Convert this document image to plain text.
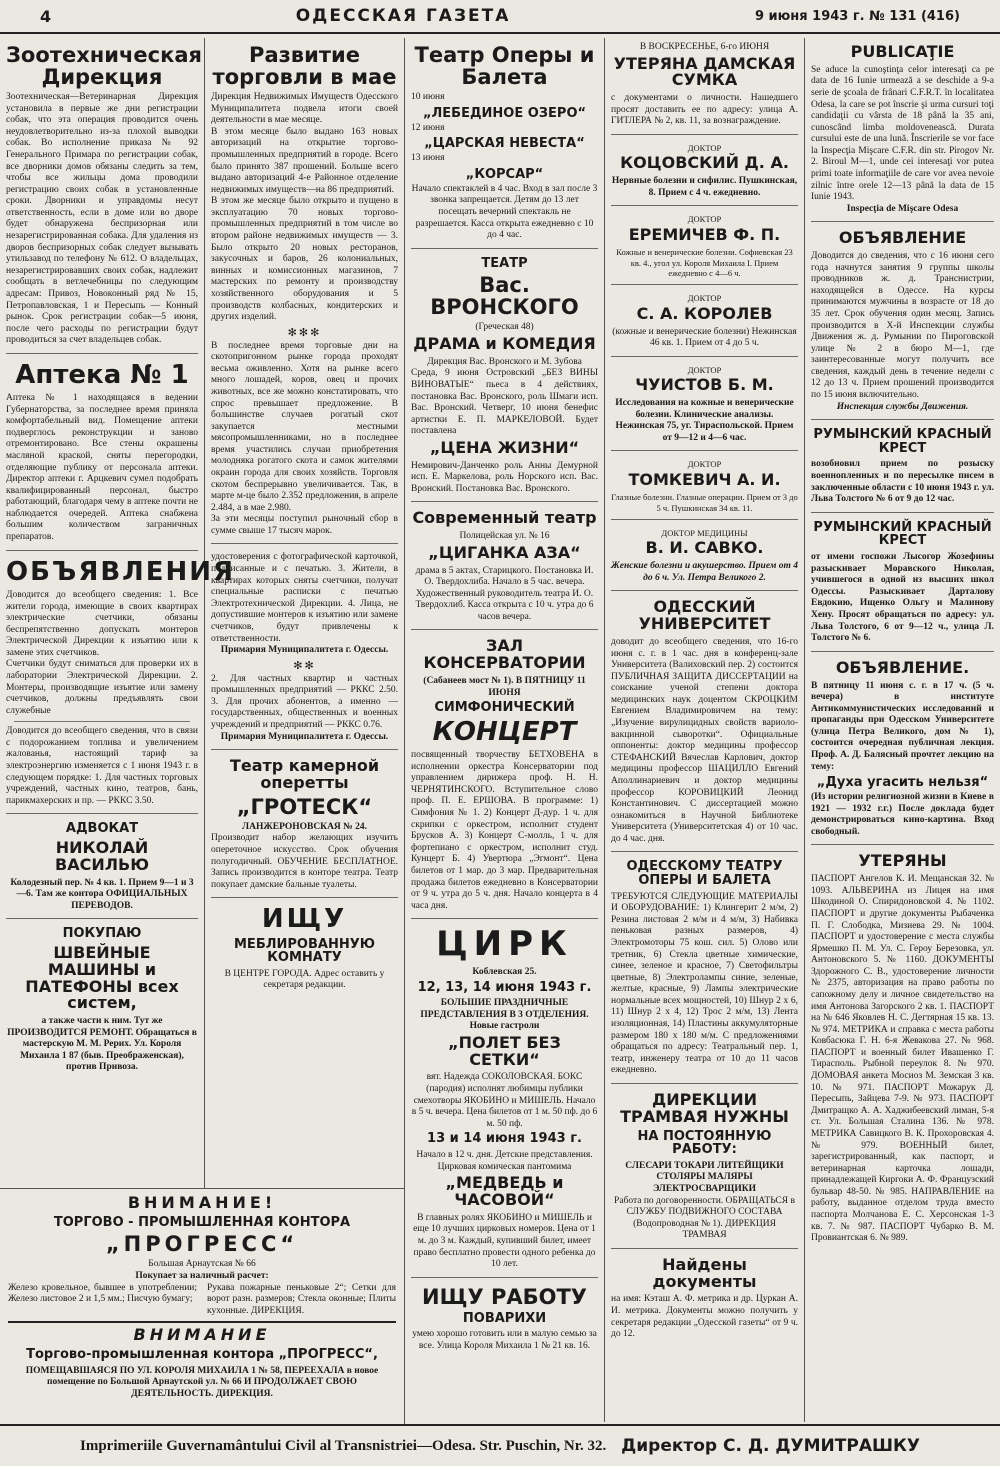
4	ОДЕССКАЯ ГАЗЕТА	9 июня 1943 г. № 131 (416)
Зоотехническая Дирекция

Зоотехническая—Ветеринарная Дирекция установила в первые же дни регистрации собак, что эта операция проводится очень неудовлетворительно из-за плохой выводки собак. Во исполнение приказа № 92 Генерального Примара по регистрации собак, все дворники домов обязаны следить за тем, чтобы все жильцы дома проводили регистрацию своих собак в установленные сроки. Дворники и управдомы несут ответственность, если в доме или во дворе будет обнаружена беспризорная или незарегистрированная собака. Для удаления из дворов беспризорных собак следует вызывать утильзавод по телефону № 612. О владельцах, незарегистрировавших своих собак, надлежит сообщать в ветлечебницы по следующим адресам: Привоз, Новоконный ряд № 15, Петропавловская, 1 и Пересыпь — Конный рынок. Срок регистрации собак—5 июня, после чего расходы по регистрации будут проводиться за счет владельцев собак.

Аптека № 1

Аптека № 1 находящаяся в ведении Губернаторства, за последнее время приняла комфортабельный вид. Помещение аптеки подверглось реконструкции и заново отремонтировано. Все стены окрашены масляной краской, сняты перегородки, отделяющие публику от персонала аптеки. Директор аптеки г. Арцкевич сумел подобрать квалифицированный персонал, быстро работающий, благодаря чему в аптеке почти не наблюдается очередей. Аптека снабжена большим количеством заграничных препаратов.

ОБЪЯВЛЕНИЯ

Доводится до всеобщего сведения: 1. Все жители города, имеющие в своих квартирах электрические счетчики, обязаны беспрепятственно допускать монтеров Электрической Дирекции к изъятию или к замене этих счетчиков.

Счетчики будут сниматься для проверки их в лаборатории Электрической Дирекции. 2. Монтеры, производящие изъятие или замену счетчиков, должны предъявлять свои служебные

Доводится до всеобщего сведения, что в связи с подорожанием топлива и увеличением жалованья, настоящий тариф за электроэнергию изменяется с 1 июня 1943 г. в следующем порядке: 1. Для частных торговых учреждений, частных кино, театров, бань, парикмахерских и пр. — РККС 3.50.

АДВОКАТ
НИКОЛАЙ ВАСИЛЬЮ

Колодезный пер. № 4 кв. 1. Прием 9—1 и 3—6. Там же контора ОФИЦИАЛЬНЫХ ПЕРЕВОДОВ.

ПОКУПАЮ
ШВЕЙНЫЕ МАШИНЫ и ПАТЕФОНЫ всех систем,

а также части к ним. Тут же ПРОИЗВОДИТСЯ РЕМОНТ. Обращаться в мастерскую М. М. Рерих. Ул. Короля Михаила 1 87 (быв. Преображенская), против Привоза.

Развитие торговли в мае

Дирекция Недвижимых Имуществ Одесского Муниципалитета подвела итоги своей деятельности в мае месяце.

В этом месяце было выдано 163 новых авторизаций на открытие торгово-промышленных предприятий в городе. Всего было принято 387 прошений. Больше всего выдано авторизаций 4-е Районное отделение недвижимых имуществ—на 86 предприятий.

В этом же месяце было открыто и пущено в эксплуатацию 70 новых торгово-промышленных предприятий в том числе во втором районе недвижимых имуществ — 3. Было открыто 20 новых ресторанов, закусочных и баров, 26 колониальных, винных и комиссионных магазинов, 7 мастерских по ремонту и производству хозяйственного оборудования и 5 производств колбасных, кондитерских и других изделий.

✻✻✻

В последнее время торговые дни на скотопригонном рынке города проходят весьма оживленно. Хотя на рынке всего много лошадей, коров, овец и прочих животных, все же можно констатировать, что спрос превышает предложение. В большинстве случаев рогатый скот закупается местными мясопромышленниками, но в последнее время участились случаи приобретения молодняка рогатого скота и самок жителями окраин города для своих хозяйств. Торговля скотом беспрерывно увеличивается. Так, в марте м-це было 2.352 предложения, в апреле 2.484, а в мае 2.980.

За эти месяцы поступил рыночный сбор в сумме свыше 17 тысяч марок.

удостоверения с фотографической карточкой, подписанные и с печатью. 3. Жители, в квартирах которых сняты счетчики, получат специальные расписки с печатью Электротехнической Дирекции. 4. Лица, не допустившие монтеров к изъятию или замене счетчиков, будут привлечены к ответственности.

Примария Муниципалитета г. Одессы.

✻✻

2. Для частных квартир и частных промышленных предприятий — РККС 2.50. 3. Для прочих абонентов, а именно — государственных, общественных и военных учреждений и предприятий — РККС 0.76.

Примария Муниципалитета г. Одессы.

Театр камерной оперетты
„ГРОТЕСК“

ЛАНЖЕРОНОВСКАЯ № 24.

Производит набор желающих изучить опереточное искусство. Срок обучения полугодичный. ОБУЧЕНИЕ БЕСПЛАТНОЕ. Запись производится в конторе театра. Театр покупает дамские бальные туалеты.

ИЩУ
МЕБЛИРОВАННУЮ КОМНАТУ

В ЦЕНТРЕ ГОРОДА. Адрес оставить у секретаря редакции.

Театр Оперы и Балета
10 июня
„ЛЕБЕДИНОЕ ОЗЕРО“
12 июня
„ЦАРСКАЯ НЕВЕСТА“
13 июня
„КОРСАР“

Начало спектаклей в 4 час. Вход в зал после 3 звонка запрещается. Детям до 13 лет посещать вечерний спектакль не разрешается. Касса открыта ежедневно с 10 до 4 час.

ТЕАТР
Вас. ВРОНСКОГО

(Греческая 48)

ДРАМА и КОМЕДИЯ

Дирекция Вас. Вронского и М. Зубова

Среда, 9 июня Островский „БЕЗ ВИНЫ ВИНОВАТЫЕ“ пьеса в 4 действиях, постановка Вас. Вронского, роль Шмаги исп. Вас. Вронский. Четверг, 10 июня бенефис артистки Е. П. МАРКЕЛОВОЙ. Будет поставлена

„ЦЕНА ЖИЗНИ“

Немирович-Данченко роль Анны Демурной исп. Е. Маркелова, роль Норского исп. Вас. Вронский. Постановка Вас. Вронского.

Современный театр

Полицейская ул. № 16

„ЦИГАНКА АЗА“

драма в 5 актах, Старицкого. Постановка И. О. Твердохлиба. Начало в 5 час. вечера. Художественный руководитель театра И. О. Твердохлиб. Касса открыта с 10 ч. утра до 6 часов вечера.

ЗАЛ КОНСЕРВАТОРИИ

(Сабанеев мост № 1). В ПЯТНИЦУ 11 ИЮНЯ

СИМФОНИЧЕСКИЙ
КОНЦЕРТ

посвященный творчеству БЕТХОВЕНА в исполнении оркестра Консерватории под управлением дирижера проф. Н. Н. ЧЕРНЯТИНСКОГО. Вступительное слово проф. П. Е. ЕРШОВА. В программе: 1) Симфония № 1. 2) Концерт Д-дур. 1 ч. для скрипки с оркестром, исполнит студент Брусков А. 3) Концерт С-молль, 1 ч. для фортепиано с оркестром, исполнит студ. Кунцерт Б. 4) Увертюра „Эгмонт“. Цена билетов от 1 мар. до 3 мар. Предварительная продажа билетов ежедневно в Консерватории от 9 ч. утра до 5 ч. дня. Начало концерта в 4 часа дня.

ЦИРК

Коблевская 25.

12, 13, 14 июня 1943 г.

БОЛЬШИЕ ПРАЗДНИЧНЫЕ ПРЕДСТАВЛЕНИЯ В 3 ОТДЕЛЕНИЯ. Новые гастроли

„ПОЛЕТ БЕЗ СЕТКИ“

вят. Надежда СОКОЛОВСКАЯ. БОКС (пародия) исполнят любимцы публики смехотворы ЯКОБИНО и МИШЕЛЬ. Начало в 5 ч. вечера. Цена билетов от 1 м. 50 пф. до 6 м. 50 пф.

13 и 14 июня 1943 г.

Начало в 12 ч. дня. Детские представления. Цирковая комическая пантомима

„МЕДВЕДЬ и ЧАСОВОЙ“

В главных ролях ЯКОБИНО и МИШЕЛЬ и еще 10 лучших цирковых номеров. Цена от 1 м. до 3 м. Каждый, купивший билет, имеет право бесплатно провести одного ребенка до 10 лет.

ИЩУ РАБОТУ
ПОВАРИХИ

умею хорошо готовить или в малую семью за все. Улица Короля Михаила 1 № 21 кв. 16.

В ВОСКРЕСЕНЬЕ, 6-го ИЮНЯ

УТЕРЯНА ДАМСКАЯ СУМКА

с документами о личности. Нашедшего просят доставить ее по адресу: улица А. ГИТЛЕРА № 2, кв. 11, за вознаграждение.

ДОКТОР

КОЦОВСКИЙ Д. А.

Нервные болезни и сифилис. Пушкинская, 8. Прием с 4 ч. ежедневно.

ДОКТОР

ЕРЕМИЧЕВ Ф. П.

Кожные и венерические болезни. Софиевская 23 кв. 4., угол ул. Короля Михаила I. Прием ежедневно с 4—6 ч.

ДОКТОР

С. А. КОРОЛЕВ

(кожные и венерические болезни) Нежинская 46 кв. 1. Прием от 4 до 5 ч.

ДОКТОР

ЧУИСТОВ Б. М.

Исследования на кожные и венерические болезни. Клинические анализы. Нежинская 75, уг. Тираспольской. Прием от 9—12 и 4—6 час.

ДОКТОР

ТОМКЕВИЧ А. И.

Глазные болезни. Глазные операции. Прием от 3 до 5 ч. Пушкинская 34 кв. 11.

ДОКТОР МЕДИЦИНЫ

В. И. САВКО.

Женские болезни и акушерство. Прием от 4 до 6 ч. Ул. Петра Великого 2.

ОДЕССКИЙ УНИВЕРСИТЕТ

доводит до всеобщего сведения, что 16-го июня с. г. в 1 час. дня в конференц-зале Университета (Валиховский пер. 2) состоится ПУБЛИЧНАЯ ЗАЩИТА ДИССЕРТАЦИИ на соискание ученой степени доктора медицинских наук доцентом СКРОЦКИМ Евгением Владимировичем на тему: „Изучение вирулицидных свойств вариоло-вакцинной сыворотки“. Официальные оппоненты: доктор медицины профессор СТЕФАНСКИЙ Вячеслав Карлович, доктор медицины профессор ШАЦИЛЛО Евгений Аполлинариевич и доктор медицины профессор КОРОВИЦКИЙ Леонид Константинович. С диссертацией можно ознакомиться в Научной Библиотеке Университета (Университетская 4) от 10 час. до 4 час. дня.

ОДЕССКОМУ ТЕАТРУ ОПЕРЫ И БАЛЕТА

ТРЕБУЮТСЯ СЛЕДУЮЩИЕ МАТЕРИАЛЫ И ОБОРУДОВАНИЕ: 1) Клингерит 2 м/м, 2) Резина листовая 2 м/м и 4 м/м, 3) Набивка пеньковая разных размеров, 4) Электромоторы 75 кош. сил. 5) Олово или третник, 6) Стекла цветные химические, синее, зеленое и красное, 7) Светофильтры цветные, 8) Электролампы синие, зеленые, желтые, красные, 9) Лампы электрические нормальные всех мощностей, 10) Шнур 2 х 6, 11) Шнур 2 х 4, 12) Трос 2 м/м, 13) Лента изоляционная, 14) Пластины аккумуляторные размером 180 х 180 м/м. С предложениями обращаться по адресу: Театральный пер. 1, театр, инженеру театра от 10 до 11 часов ежедневно.

ДИРЕКЦИИ ТРАМВАЯ НУЖНЫ
НА ПОСТОЯННУЮ РАБОТУ:

СЛЕСАРИ ТОКАРИ ЛИТЕЙЩИКИ СТОЛЯРЫ МАЛЯРЫ ЭЛЕКТРОСВАРЩИКИ

Работа по договоренности. ОБРАЩАТЬСЯ в СЛУЖБУ ПОДВИЖНОГО СОСТАВА (Водопроводная № 1). ДИРЕКЦИЯ ТРАМВАЯ

Найдены документы

на имя: Кэташ А. Ф. метрика и др. Цуркан А. И. метрика. Документы можно получить у секретаря редакции „Одесской газеты“ от 9 ч. до 12.

PUBLICAŢIE

Se aduce la cunoştinţa celor interesaţi ca pe data de 16 Iunie urmează a se deschide a 9-a serie de şcoala de frânari C.F.R.T. în localitatea Odesa, la care se pot înscrie şi urma cursuri toţi candidaţii cu vârsta de 18 până la 35 ani, cunoscând limba moldovenească. Durata cursului este de una lună. Înscrierile se vor face la Inspecţia Mişcare C.F.R. din str. Pirogov Nr. 2. Biroul M—1, unde cei interesaţi vor putea primi toate informaţiile de care vor avea nevoie zilnic între orele 12—13 până la data de 15 Iunie 1943.

Inspecţia de Mişcare Odesa

ОБЪЯВЛЕНИЕ

Доводится до сведения, что с 16 июня сего года начнутся занятия 9 группы школы проводников ж. д. Транснистрии, находящейся в Одессе. На курсы принимаются мужчины в возрасте от 18 до 35 лет. Срок обучения один месяц. Запись производится в Х-й Инспекции службы Движения ж. д. Румынии по Пироговской улице № 2 в бюро М—1, где заинтересованные могут получить все сведения, каждый день в течение недели с 12 до 13 ч. Прием прошений производится по 15 июня включительно.

Инспекция службы Движения.

РУМЫНСКИЙ КРАСНЫЙ КРЕСТ

возобновил прием по розыску военнопленных и по пересылке писем в заключенные области с 10 июня 1943 г. ул. Льва Толстого № 6 от 9 до 12 час.

РУМЫНСКИЙ КРАСНЫЙ КРЕСТ

от имени госпожи Лысогор Жозефины разыскивает Моравского Николая, учившегося в одной из высших школ Одессы. Разыскивает Дарталову Евдокию, Ищенко Ольгу и Малинову Хену. Просят обращаться по адресу: ул. Льва Толстого, 6 от 9—12 ч., улица Л. Толстого № 6.

ОБЪЯВЛЕНИЕ.

В пятницу 11 июня с. г. в 17 ч. (5 ч. вечера) в институте Антикоммунистических исследований и пропаганды при Одесском Университете (улица Петра Великого, дом № 1), состоится очередная публичная лекция. Проф. А. Д. Балясный прочтет лекцию на тему:

„Духа угасить нельзя“

(Из истории религиозной жизни в Киеве в 1921 — 1932 г.г.) После доклада будет демонстрироваться кино-картина. Вход свободный.

УТЕРЯНЫ

ПАСПОРТ Ангелов К. И. Мещанская 32. № 1093. АЛЬВЕРИНА из Лицея на имя Шкодиной О. Спиридоновской 4. № 1102. ПАСПОРТ и другие документы Рыбаченка П. Г. Слободка, Мизиева 29. № 1004. ПАСПОРТ и удостоверение с места службы Ярмешко П. М. Ул. С. Героу Березовка, ул. Антоновского 5. № 1160. ДОКУМЕНТЫ Здорожного С. В., удостоверение личности № 2375, авторизация на право работы по сапожному делу и личное свидетельство на имя Антонова Загорского 2 кв. 1. ПАСПОРТ на № 646 Яковлев Н. С. Дегтярная 15 кв. 13. № 974. МЕТРИКА и справка с места работы Ковбасюка Г. Н. 6-я Жевакова 27. № 968. ПАСПОРТ и военный билет Ивашенко Г. Тирасполь. Рыбной переулок 8. № 970. ДОМОВАЯ анкета Мосиоз М. Земская 3 кв. 10. № 971. ПАСПОРТ Можарук Д. Пересыпь, Зайцева 7-9. № 973. ПАСПОРТ Дмитращко А. А. Хаджибеевский лиман, 5-я ст. Ул. Большая Сталина 136. № 978. МЕТРИКА Савицкого В. К. Прохоровская 4. № 979. ВОЕННЫЙ билет, зарегистрированный, как паспорт, и ветеринарная карточка лошади, принадлежащей Киргоки А. Ф. Французский бульвар 48-50. № 985. НАПРАВЛЕНИЕ на работу, выданное отделом труда вместо паспорта Молчанова Е. С. Херсонская 1-3 кв. 7. № 987. ПАСПОРТ Чубарко В. М. Провиантская 6. № 989.

ВНИМАНИЕ!
ТОРГОВО - ПРОМЫШЛЕННАЯ КОНТОРА
„ПРОГРЕСС“

Большая Арнаутская № 66

Покупает за наличный расчет:

Железо кровельное, бывшее в употреблении; Железо листовое 2 и 1,5 мм.; Писчую бумагу;

Рукава пожарные пеньковые 2“; Сетки для ворот разн. размеров; Стекла оконные; Плиты кухонные. ДИРЕКЦИЯ.

ВНИМАНИЕ
Торгово-промышленная контора „ПРОГРЕСС“,

ПОМЕЩАВШАЯСЯ ПО УЛ. КОРОЛЯ МИХАИЛА 1 № 58, ПЕРЕЕХАЛА в новое помещение по Большой Арнаутской ул. № 66 И ПРОДОЛЖАЕТ СВОЮ ДЕЯТЕЛЬНОСТЬ. ДИРЕКЦИЯ.

Imprimeriile Guvernamântului Civil al Transnistriei—Odesa. Str. Puschin, Nr. 32. Директор С. Д. ДУМИТРАШКУ
